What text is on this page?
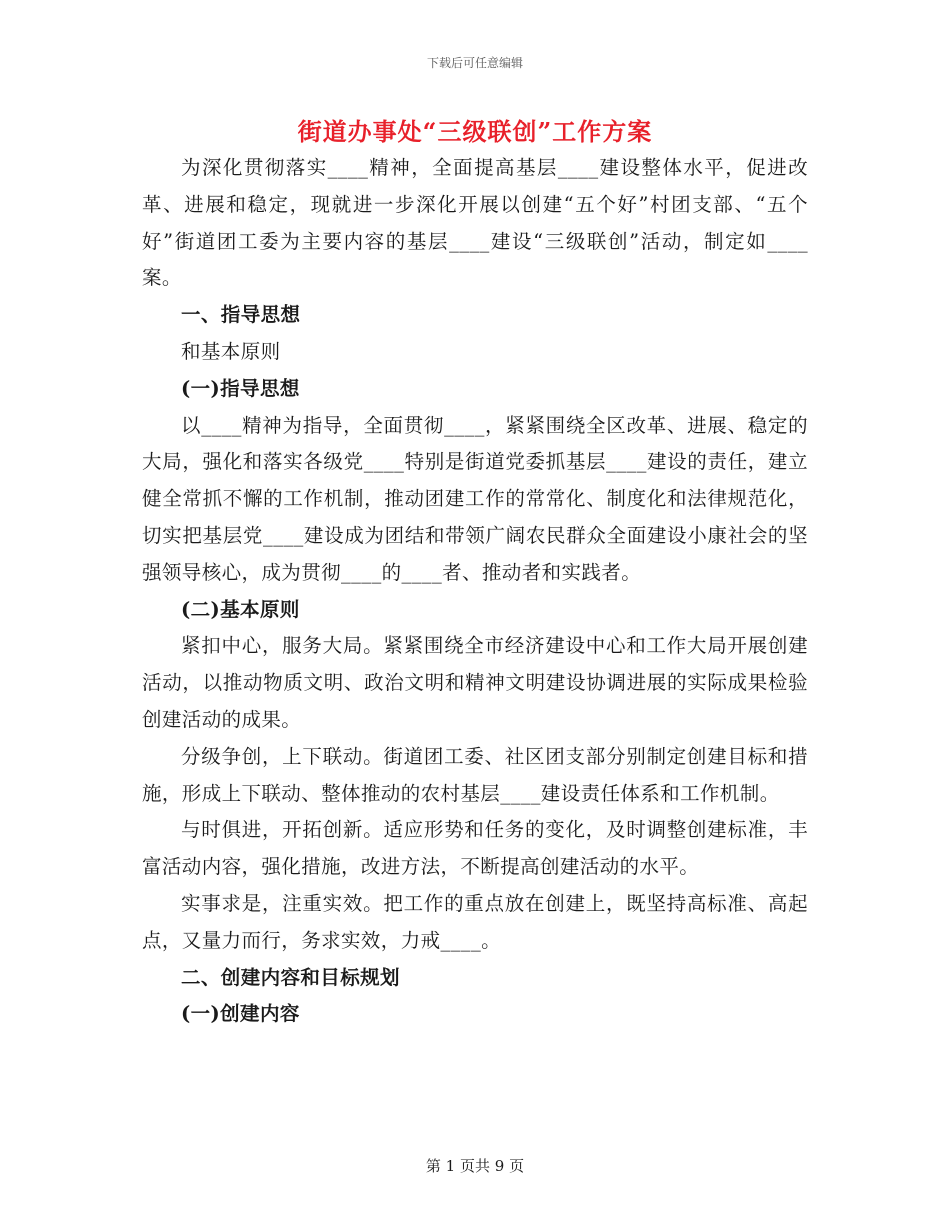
下载后可任意编辑
街道办事处“三级联创”工作方案

为深化贯彻落实____精神，全面提高基层____建设整体水平，促进改革、进展和稳定，现就进一步深化开展以创建“五个好”村团支部、“五个好”街道团工委为主要内容的基层____建设“三级联创”活动，制定如____案。

一、指导思想

和基本原则

(一)指导思想

以____精神为指导，全面贯彻____，紧紧围绕全区改革、进展、稳定的大局，强化和落实各级党____特别是街道党委抓基层____建设的责任，建立健全常抓不懈的工作机制，推动团建工作的常常化、制度化和法律规范化，切实把基层党____建设成为团结和带领广阔农民群众全面建设小康社会的坚强领导核心，成为贯彻____的____者、推动者和实践者。

(二)基本原则

紧扣中心，服务大局。紧紧围绕全市经济建设中心和工作大局开展创建活动，以推动物质文明、政治文明和精神文明建设协调进展的实际成果检验创建活动的成果。

分级争创，上下联动。街道团工委、社区团支部分别制定创建目标和措施，形成上下联动、整体推动的农村基层____建设责任体系和工作机制。

与时俱进，开拓创新。适应形势和任务的变化，及时调整创建标准，丰富活动内容，强化措施，改进方法，不断提高创建活动的水平。

实事求是，注重实效。把工作的重点放在创建上，既坚持高标准、高起点，又量力而行，务求实效，力戒____。

二、创建内容和目标规划

(一)创建内容

第 1 页共 9 页
